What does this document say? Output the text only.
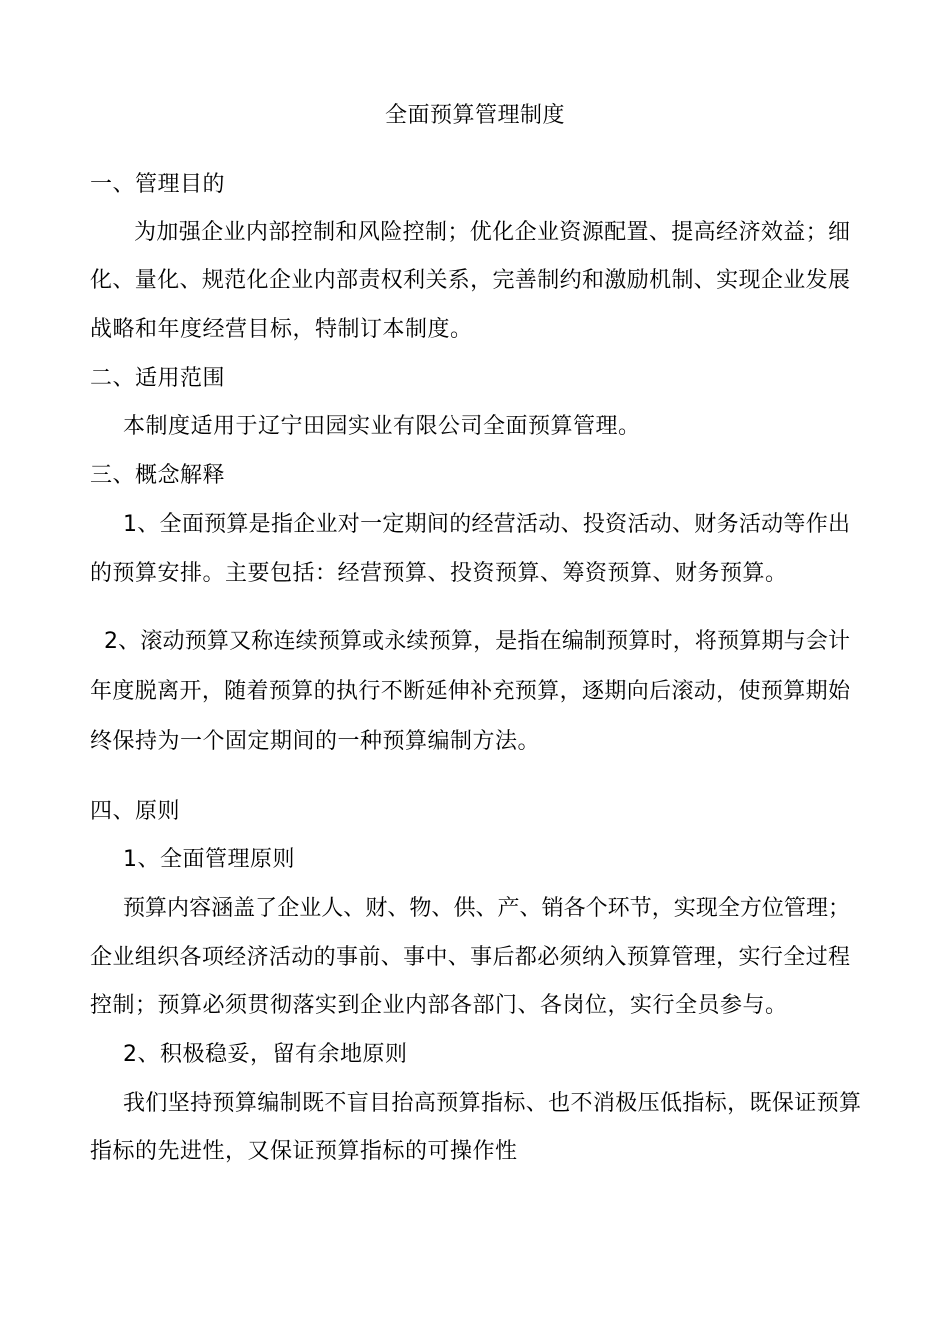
全面预算管理制度
一、管理目的
为加强企业内部控制和风险控制；优化企业资源配置、提高经济效益；细
化、量化、规范化企业内部责权利关系，完善制约和激励机制、实现企业发展
战略和年度经营目标，特制订本制度。
二、适用范围
本制度适用于辽宁田园实业有限公司全面预算管理。
三、概念解释
1、全面预算是指企业对一定期间的经营活动、投资活动、财务活动等作出
的预算安排。主要包括：经营预算、投资预算、筹资预算、财务预算。
2、滚动预算又称连续预算或永续预算，是指在编制预算时，将预算期与会计
年度脱离开，随着预算的执行不断延伸补充预算，逐期向后滚动，使预算期始
终保持为一个固定期间的一种预算编制方法。
四、原则
1、全面管理原则
预算内容涵盖了企业人、财、物、供、产、销各个环节，实现全方位管理；
企业组织各项经济活动的事前、事中、事后都必须纳入预算管理，实行全过程
控制；预算必须贯彻落实到企业内部各部门、各岗位，实行全员参与。
2、积极稳妥，留有余地原则
我们坚持预算编制既不盲目抬高预算指标、也不消极压低指标，既保证预算
指标的先进性，又保证预算指标的可操作性
